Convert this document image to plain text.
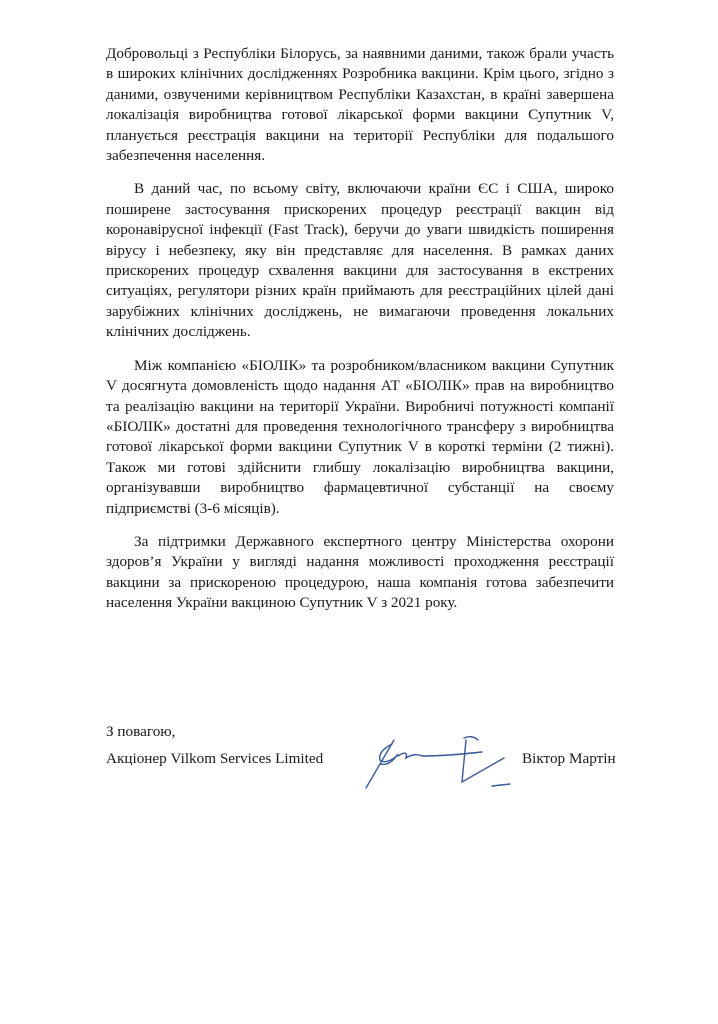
Добровольці з Республіки Білорусь, за наявними даними, також брали участь в широких клінічних дослідженнях Розробника вакцини. Крім цього, згідно з даними, озвученими керівництвом Республіки Казахстан, в країні завершена локалізація виробництва готової лікарської форми вакцини Супутник V, планується реєстрація вакцини на території Республіки для подальшого забезпечення населення.

В даний час, по всьому світу, включаючи країни ЄС і США, широко поширене застосування прискорених процедур реєстрації вакцин від коронавірусної інфекції (Fast Track), беручи до уваги швидкість поширення вірусу і небезпеку, яку він представляє для населення. В рамках даних прискорених процедур схвалення вакцини для застосування в екстрених ситуаціях, регулятори різних країн приймають для реєстраційних цілей дані зарубіжних клінічних досліджень, не вимагаючи проведення локальних клінічних досліджень.

Між компанією «БІОЛІК» та розробником/власником вакцини Супутник V досягнута домовленість щодо надання АТ «БІОЛІК» прав на виробництво та реалізацію вакцини на території України. Виробничі потужності компанії «БІОЛІК» достатні для проведення технологічного трансферу з виробництва готової лікарської форми вакцини Супутник V в короткі терміни (2 тижні). Також ми готові здійснити глибшу локалізацію виробництва вакцини, організувавши виробництво фармацевтичної субстанції на своєму підприємстві (3-6 місяців).

За підтримки Державного експертного центру Міністерства охорони здоров’я України у вигляді надання можливості проходження реєстрації вакцини за прискореною процедурою, наша компанія готова забезпечити населення України вакциною Супутник V з 2021 року.

З повагою,
Акціонер Vilkom Services Limited	Віктор Мартін
